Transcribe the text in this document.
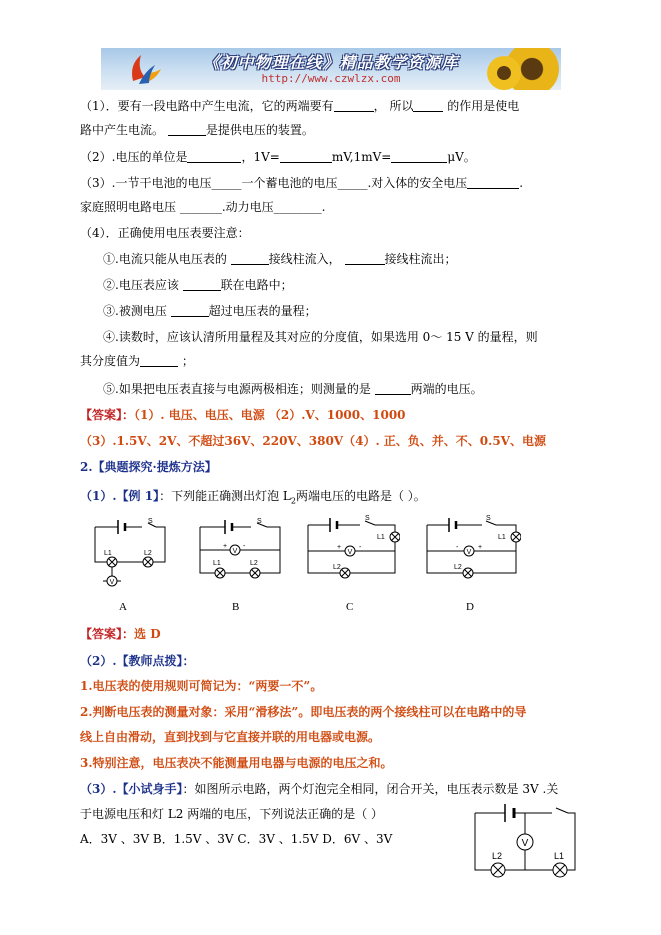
《初中物理在线》精品教学资源库
http://www.czwlzx.com
（1）．要有一段电路中产生电流，它的两端要有	， 所以	的作用是使电
路中产生电流。	是提供电压的装置。
（2）.电压的单位是	，1V=	mV,1mV=	μV。
（3）.一节干电池的电压_____一个蓄电池的电压_____.对入体的安全电压	.
家庭照明电路电压 _______.动力电压________.
（4）．正确使用电压表要注意：
①.电流只能从电压表的	接线柱流入，	接线柱流出；
②.电压表应该	联在电路中；
③.被测电压	超过电压表的量程；
④.读数时，应该认清所用量程及其对应的分度值，如果选用 0～ 15 V 的量程，则
其分度值为	；
⑤.如果把电压表直接与电源两极相连；则测量的是	两端的电压。
【答案】：（1）. 电压、电压、电源 （2）.V、1000、1000
（3）.1.5V、2V、不超过36V、220V、380V（4）. 正、负、并、不、0.5V、电源
2.【典题探究·提炼方法】
（1）.【例 1】：下列能正确测出灯泡 $L_2$两端电压的电路是（ ）。
V
S
L1	L2
A
V
+ -
S
L1	L2
B
V
+	-
S
L1
L2
C
V
-	+
S
L1
L2
D
【答案】：选 D
（2）.【教师点拨】：
1.电压表的使用规则可简记为：“两要一不”。
2.判断电压表的测量对象：采用“滑移法”。即电压表的两个接线柱可以在电路中的导
线上自由滑动，直到找到与它直接并联的用电器或电源。
3.特别注意，电压表决不能测量用电器与电源的电压之和。
（3）.【小试身手】：如图所示电路，两个灯泡完全相同，闭合开关，电压表示数是 3V .关
于电源电压和灯 L2 两端的电压，下列说法正确的是（ ）
A．3V 、3V B．1.5V 、3V C．3V 、1.5V D．6V 、3V	V
L2	L1
